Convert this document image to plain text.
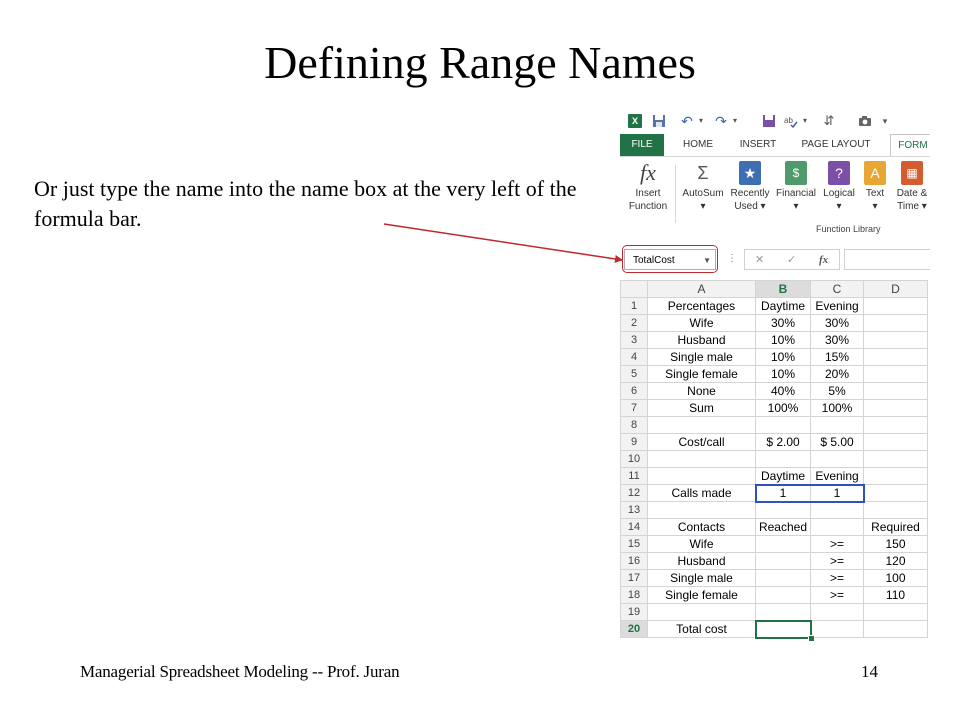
Defining Range Names
Or just type the name into the name box at the very left of the formula bar.
X	↶ ▾ ↷ ▾	ab	▾	⇵	▾
FILE	HOME	INSERT	PAGE LAYOUT	FORM
fx
Insert
Function
Σ
AutoSum
▾
★
Recently
Used ▾
$
Financial
▾
?
Logical
▾
A
Text
▾
▦
Date &
Time ▾
Function Library
TotalCost	▼ ⋮ ✕ ✓ fx
	A	B	C	D
1	Percentages	Daytime	Evening	
2	Wife	30%	30%	
3	Husband	10%	30%	
4	Single male	10%	15%	
5	Single female	10%	20%	
6	None	40%	5%	
7	Sum	100%	100%	
8				
9	Cost/call	$ 2.00	$ 5.00	
10				
11		Daytime	Evening	
12	Calls made	1	1	
13				
14	Contacts	Reached		Required
15	Wife		>=	150
16	Husband		>=	120
17	Single male		>=	100
18	Single female		>=	110
19				
20	Total cost			
Managerial Spreadsheet Modeling -- Prof. Juran	14
